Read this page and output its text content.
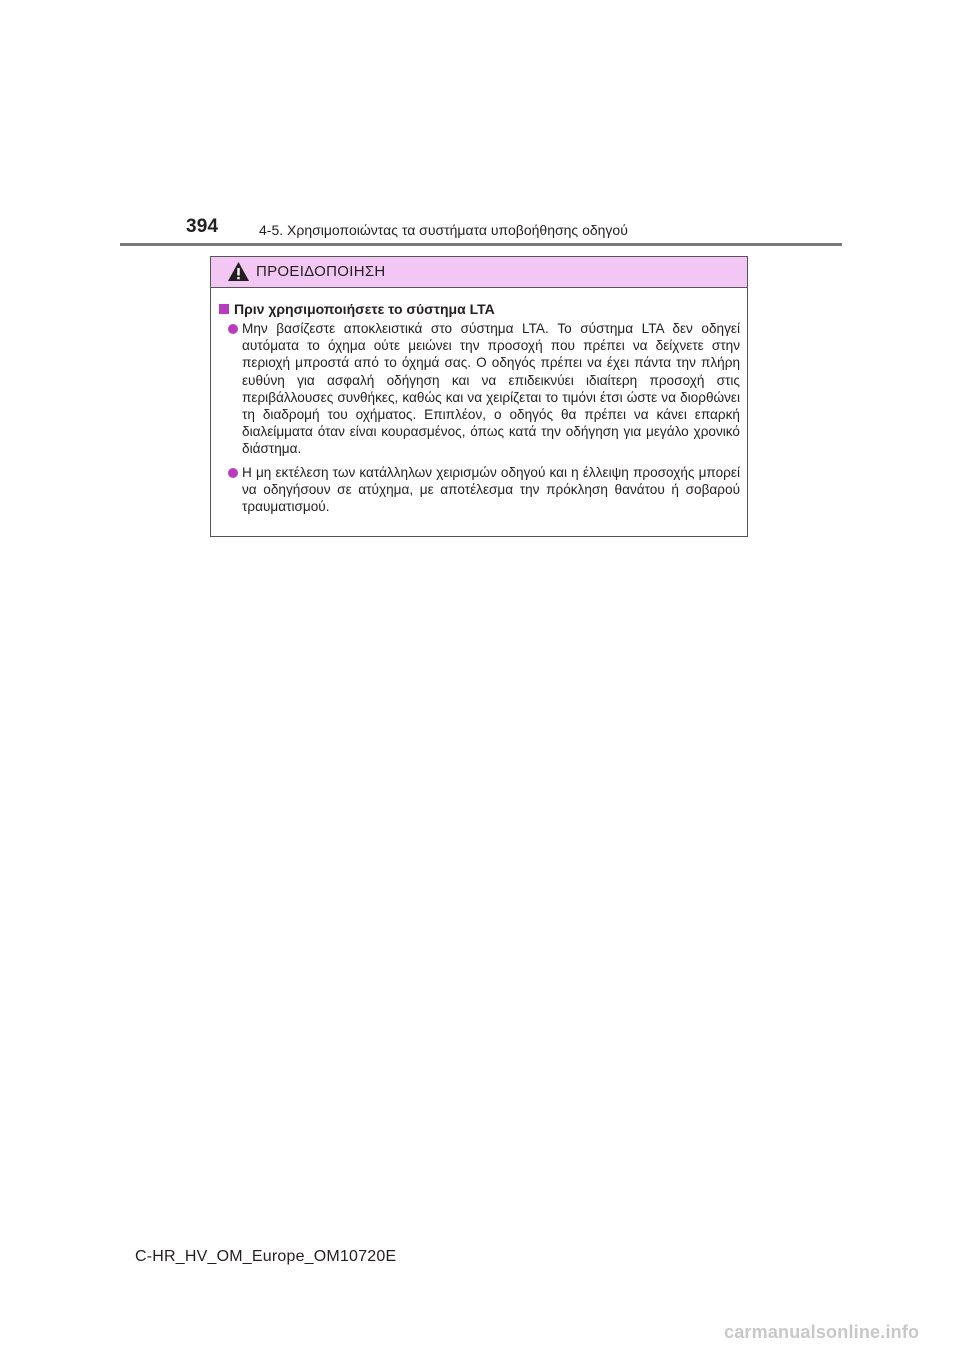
394	4-5. Χρησιμοποιώντας τα συστήματα υποβοήθησης οδηγού
ΠΡΟΕΙΔΟΠΟΙΗΣΗ
Πριν χρησιμοποιήσετε το σύστημα LTA
Μην βασίζεστε αποκλειστικά στο σύστημα LTA. Το σύστημα LTA δεν οδηγεί αυτόματα το όχημα ούτε μειώνει την προσοχή που πρέπει να δείχνετε στην περιοχή μπροστά από το όχημά σας. Ο οδηγός πρέπει να έχει πάντα την πλήρη ευθύνη για ασφαλή οδήγηση και να επιδεικνύει ιδιαίτερη προσοχή στις περιβάλλουσες συνθήκες, καθώς και να χειρίζεται το τιμόνι έτσι ώστε να διορθώνει τη διαδρομή του οχήματος. Επιπλέον, ο οδηγός θα πρέπει να κάνει επαρκή διαλείμματα όταν είναι κουρασμένος, όπως κατά την οδήγηση για μεγάλο χρονικό διάστημα.
Η μη εκτέλεση των κατάλληλων χειρισμών οδηγού και η έλλειψη προσοχής μπορεί να οδηγήσουν σε ατύχημα, με αποτέλεσμα την πρόκληση θανάτου ή σοβαρού τραυματισμού.
C-HR_HV_OM_Europe_OM10720E
carmanualsonline.info
